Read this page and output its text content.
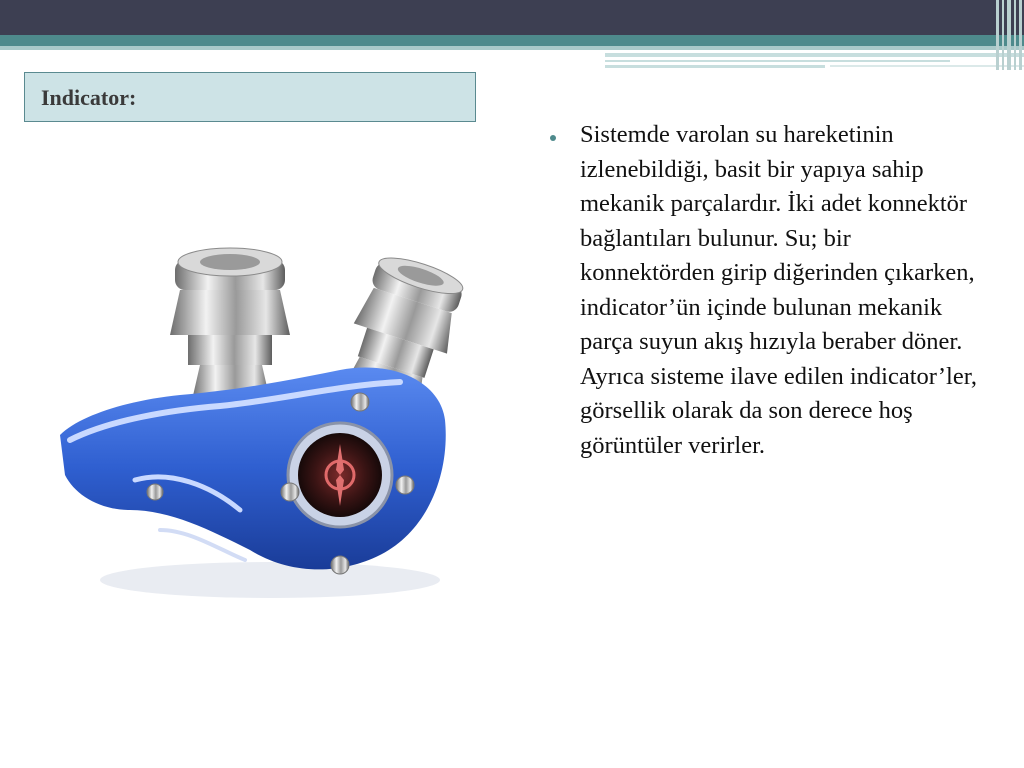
Indicator:
Sistemde varolan su hareketinin izlenebildiği, basit bir yapıya sahip mekanik parçalardır. İki adet konnektör bağlantıları bulunur. Su; bir konnektörden girip diğerinden çıkarken, indicator’ün içinde bulunan mekanik parça suyun akış hızıyla beraber döner. Ayrıca sisteme ilave edilen indicator’ler, görsellik olarak da son derece hoş görüntüler verirler.
